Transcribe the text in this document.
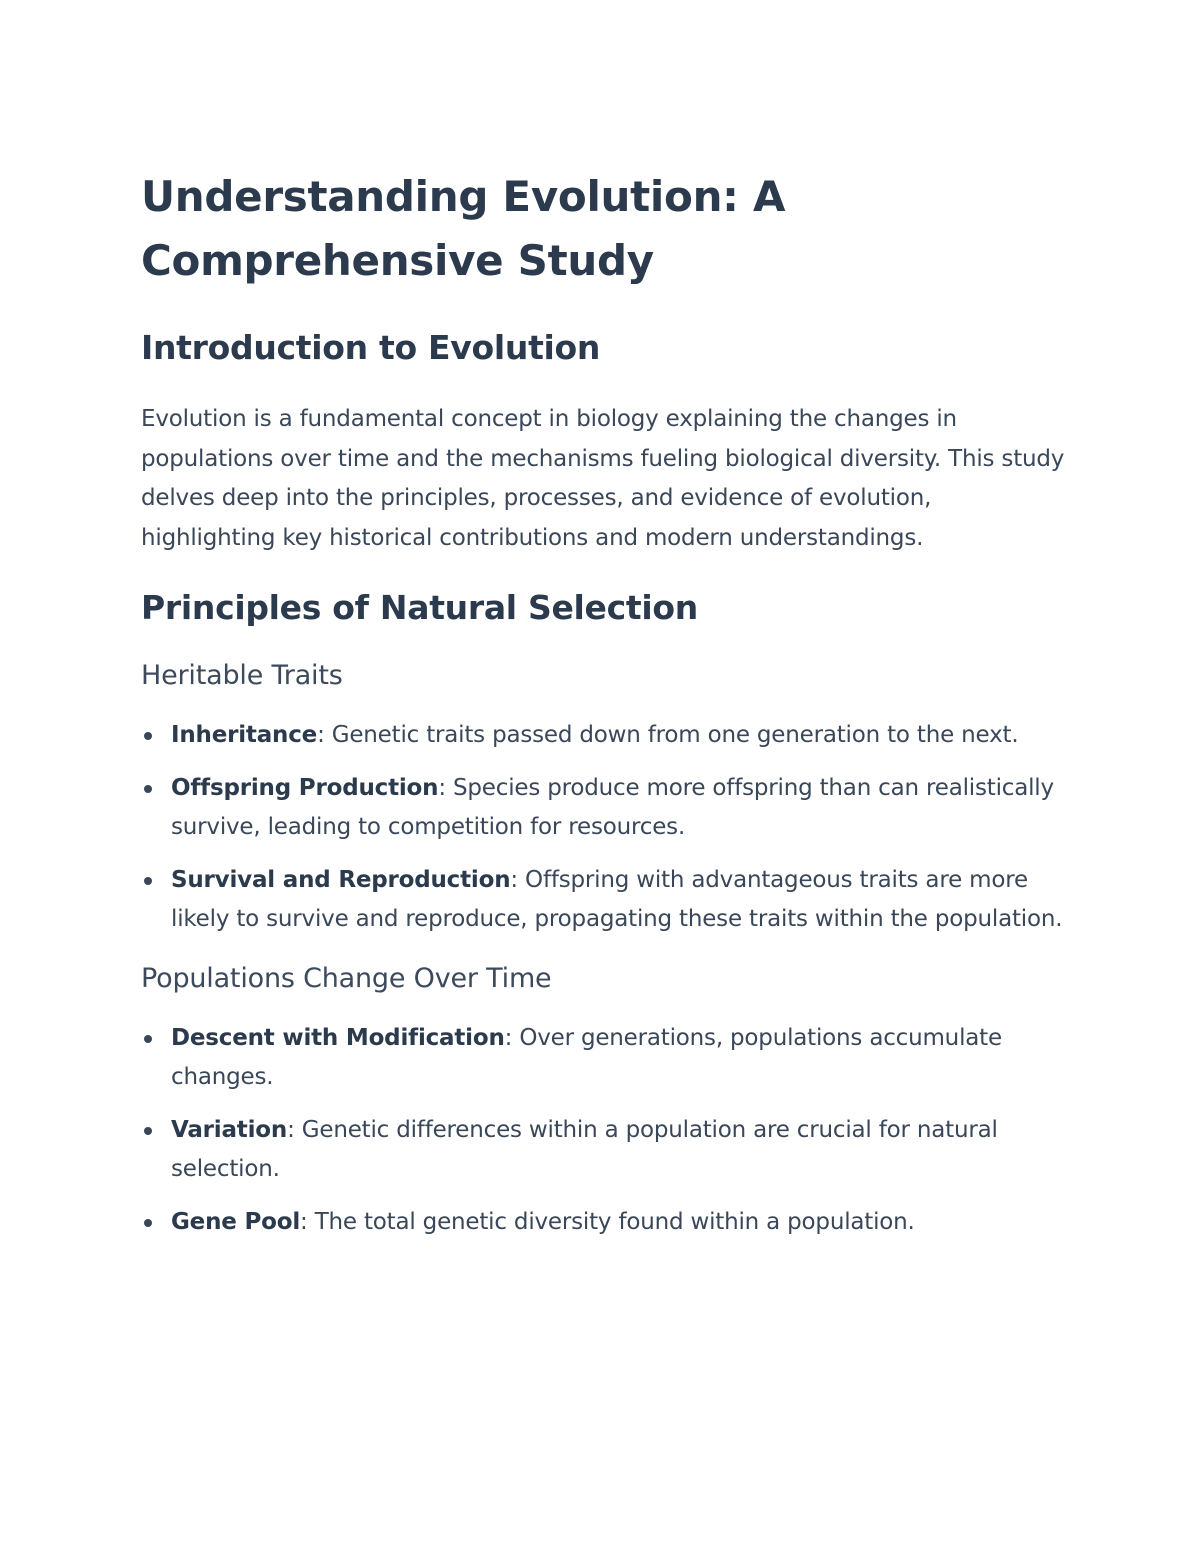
Understanding Evolution: A Comprehensive Study
Introduction to Evolution

Evolution is a fundamental concept in biology explaining the changes in populations over time and the mechanisms fueling biological diversity. This study delves deep into the principles, processes, and evidence of evolution, highlighting key historical contributions and modern understandings.

Principles of Natural Selection
Heritable Traits
Inheritance: Genetic traits passed down from one generation to the next.
Offspring Production: Species produce more offspring than can realistically survive, leading to competition for resources.
Survival and Reproduction: Offspring with advantageous traits are more likely to survive and reproduce, propagating these traits within the population.
Populations Change Over Time
Descent with Modification: Over generations, populations accumulate changes.
Variation: Genetic differences within a population are crucial for natural selection.
Gene Pool: The total genetic diversity found within a population.
